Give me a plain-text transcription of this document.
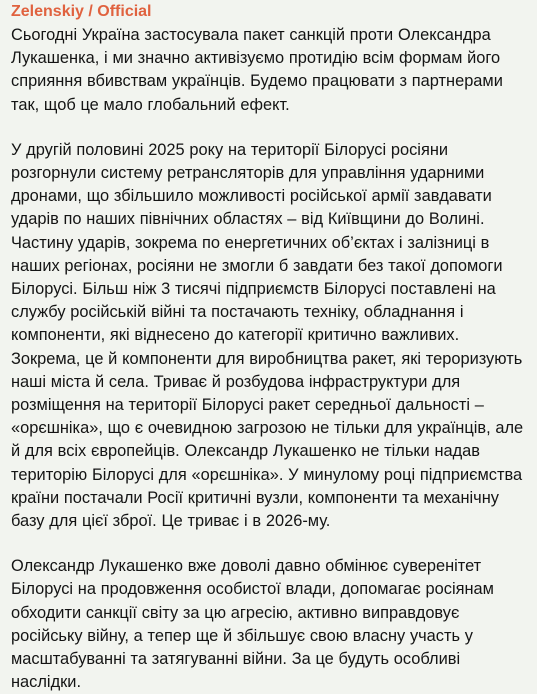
Zelenskiy / Official

Сьогодні Україна застосувала пакет санкцій проти Олександра Лукашенка, і ми значно активізуємо протидію всім формам його сприяння вбивствам українців. Будемо працювати з партнерами так, щоб це мало глобальний ефект.

У другій половині 2025 року на території Білорусі росіяни розгорнули систему ретрансляторів для управління ударними дронами, що збільшило можливості російської армії завдавати ударів по наших північних областях – від Київщини до Волині. Частину ударів, зокрема по енергетичних об’єктах і залізниці в наших регіонах, росіяни не змогли б завдати без такої допомоги Білорусі. Більш ніж 3 тисячі підприємств Білорусі поставлені на службу російській війні та постачають техніку, обладнання і компоненти, які віднесено до категорії критично важливих. Зокрема, це й компоненти для виробництва ракет, які тероризують наші міста й села. Триває й розбудова інфраструктури для розміщення на території Білорусі ракет середньої дальності – «орєшніка», що є очевидною загрозою не тільки для українців, але й для всіх європейців. Олександр Лукашенко не тільки надав територію Білорусі для «орєшніка». У минулому році підприємства країни постачали Росії критичні вузли, компоненти та механічну базу для цієї зброї. Це триває і в 2026-му.

Олександр Лукашенко вже доволі давно обмінює суверенітет Білорусі на продовження особистої влади, допомагає росіянам обходити санкції світу за цю агресію, активно виправдовує російську війну, а тепер ще й збільшує свою власну участь у масштабуванні та затягуванні війни. За це будуть особливі наслідки.
